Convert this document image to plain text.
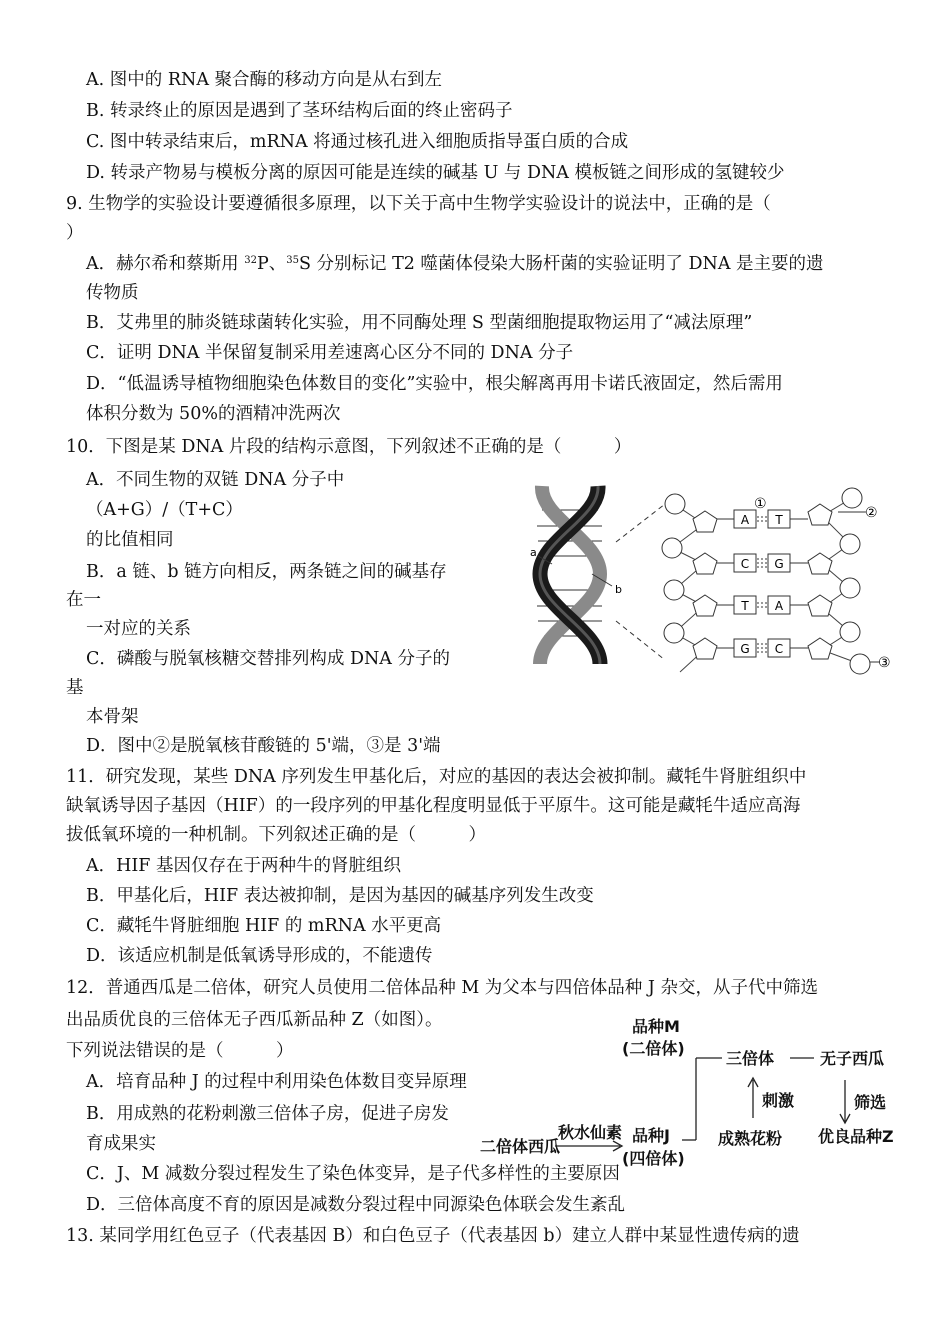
A. 图中的 RNA 聚合酶的移动方向是从右到左
B. 转录终止的原因是遇到了茎环结构后面的终止密码子
C. 图中转录结束后，mRNA 将通过核孔进入细胞质指导蛋白质的合成
D. 转录产物易与模板分离的原因可能是连续的碱基 U 与 DNA 模板链之间形成的氢键较少
9. 生物学的实验设计要遵循很多原理，以下关于高中生物学实验设计的说法中，正确的是（
）
A．赫尔希和蔡斯用 $^{32}$P、$^{35}$S 分别标记 T2 噬菌体侵染大肠杆菌的实验证明了 DNA 是主要的遗
传物质
B．艾弗里的肺炎链球菌转化实验，用不同酶处理 S 型菌细胞提取物运用了“减法原理”
C．证明 DNA 半保留复制采用差速离心区分不同的 DNA 分子
D．“低温诱导植物细胞染色体数目的变化”实验中，根尖解离再用卡诺氏液固定，然后需用
体积分数为 50%的酒精冲洗两次
10．下图是某 DNA 片段的结构示意图，下列叙述不正确的是（　　　）
A．不同生物的双链 DNA 分子中
（A+G）/（T+C）
的比值相同
B．a 链、b 链方向相反，两条链之间的碱基存
在一
一对应的关系
C．磷酸与脱氧核糖交替排列构成 DNA 分子的
基
本骨架
D．图中②是脱氧核苷酸链的 5'端，③是 3'端
a
b
A T
C G
T A
G C
①
②
③
11．研究发现，某些 DNA 序列发生甲基化后，对应的基因的表达会被抑制。藏牦牛肾脏组织中
缺氧诱导因子基因（HIF）的一段序列的甲基化程度明显低于平原牛。这可能是藏牦牛适应高海
拔低氧环境的一种机制。下列叙述正确的是（　　　）
A．HIF 基因仅存在于两种牛的肾脏组织
B．甲基化后，HIF 表达被抑制，是因为基因的碱基序列发生改变
C．藏牦牛肾脏细胞 HIF 的 mRNA 水平更高
D．该适应机制是低氧诱导形成的，不能遗传
12．普通西瓜是二倍体，研究人员使用二倍体品种 M 为父本与四倍体品种 J 杂交，从子代中筛选
出品质优良的三倍体无子西瓜新品种 Z（如图）。
下列说法错误的是（　　　）
A．培育品种 J 的过程中利用染色体数目变异原理
B．用成熟的花粉刺激三倍体子房，促进子房发
育成果实
品种M
(二倍体)
三倍体	无子西瓜
刺激	筛选
秋水仙素 品种J
(四倍体)
二倍体西瓜	成熟花粉 优良品种Z
C．J、M 减数分裂过程发生了染色体变异，是子代多样性的主要原因
D．三倍体高度不育的原因是减数分裂过程中同源染色体联会发生紊乱
13. 某同学用红色豆子（代表基因 B）和白色豆子（代表基因 b）建立人群中某显性遗传病的遗
